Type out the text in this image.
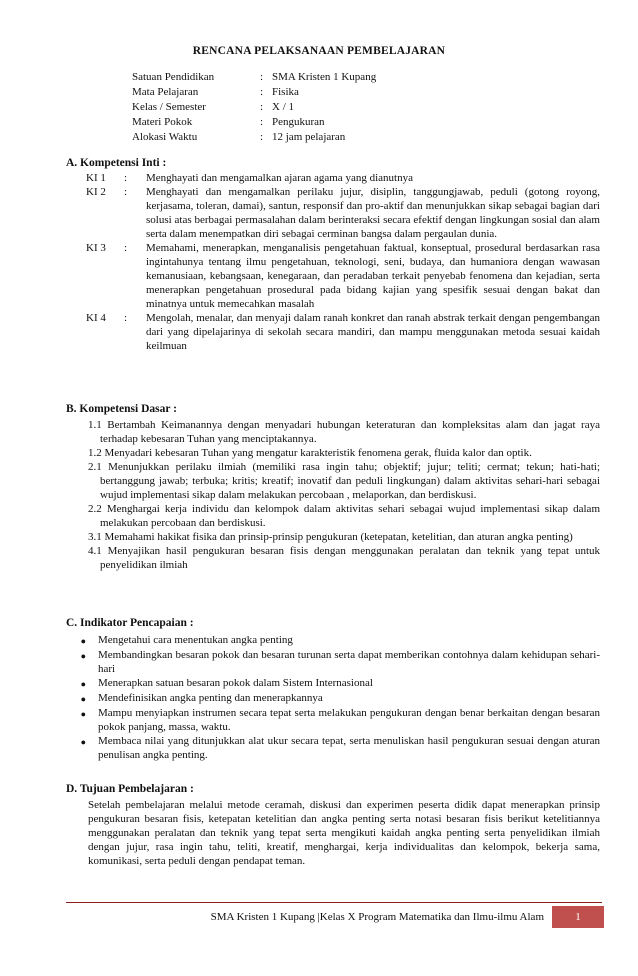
RENCANA PELAKSANAAN PEMBELAJARAN
Satuan Pendidikan	: SMA Kristen 1 Kupang
Mata Pelajaran	: Fisika
Kelas / Semester	: X / 1
Materi Pokok	: Pengukuran
Alokasi Waktu	: 12 jam pelajaran
A. Kompetensi Inti :
KI 1	:	Menghayati dan mengamalkan ajaran agama yang dianutnya
KI 2	:	Menghayati dan mengamalkan perilaku jujur, disiplin, tanggungjawab, peduli (gotong royong, kerjasama, toleran, damai), santun, responsif dan pro-aktif dan menunjukkan sikap sebagai bagian dari solusi atas berbagai permasalahan dalam berinteraksi secara efektif dengan lingkungan sosial dan alam serta dalam menempatkan diri sebagai cerminan bangsa dalam pergaulan dunia.
KI 3	:	Memahami, menerapkan, menganalisis pengetahuan faktual, konseptual, prosedural berdasarkan rasa ingintahunya tentang ilmu pengetahuan, teknologi, seni, budaya, dan humaniora dengan wawasan kemanusiaan, kebangsaan, kenegaraan, dan peradaban terkait penyebab fenomena dan kejadian, serta menerapkan pengetahuan prosedural pada bidang kajian yang spesifik sesuai dengan bakat dan minatnya untuk memecahkan masalah
KI 4	:	Mengolah, menalar, dan menyaji dalam ranah konkret dan ranah abstrak terkait dengan pengembangan dari yang dipelajarinya di sekolah secara mandiri, dan mampu menggunakan metoda sesuai kaidah keilmuan
B. Kompetensi Dasar :
1.1 Bertambah Keimanannya dengan menyadari hubungan keteraturan dan kompleksitas alam dan jagat raya terhadap kebesaran Tuhan yang menciptakannya.
1.2 Menyadari kebesaran Tuhan yang mengatur karakteristik fenomena gerak, fluida kalor dan optik.
2.1 Menunjukkan perilaku ilmiah (memiliki rasa ingin tahu; objektif; jujur; teliti; cermat; tekun; hati-hati; bertanggung jawab; terbuka; kritis; kreatif; inovatif dan peduli lingkungan) dalam aktivitas sehari-hari sebagai wujud implementasi sikap dalam melakukan percobaan , melaporkan, dan berdiskusi.
2.2 Menghargai kerja individu dan kelompok dalam aktivitas sehari sebagai wujud implementasi sikap dalam melakukan percobaan dan berdiskusi.
3.1 Memahami hakikat fisika dan prinsip-prinsip pengukuran (ketepatan, ketelitian, dan aturan angka penting)
4.1 Menyajikan hasil pengukuran besaran fisis dengan menggunakan peralatan dan teknik yang tepat untuk penyelidikan ilmiah
C. Indikator Pencapaian :
●	Mengetahui cara menentukan angka penting
●	Membandingkan besaran pokok dan besaran turunan serta dapat memberikan contohnya dalam kehidupan sehari-hari
●	Menerapkan satuan besaran pokok dalam Sistem Internasional
●	Mendefinisikan angka penting dan menerapkannya
●	Mampu menyiapkan instrumen secara tepat serta melakukan pengukuran dengan benar berkaitan dengan besaran pokok panjang, massa, waktu.
●	Membaca nilai yang ditunjukkan alat ukur secara tepat, serta menuliskan hasil pengukuran sesuai dengan aturan penulisan angka penting.
D. Tujuan Pembelajaran :
Setelah pembelajaran melalui metode ceramah, diskusi dan experimen peserta didik dapat menerapkan prinsip pengukuran besaran fisis, ketepatan ketelitian dan angka penting serta notasi besaran fisis berikut ketelitiannya menggunakan peralatan dan teknik yang tepat serta mengikuti kaidah angka penting serta penyelidikan ilmiah dengan jujur, rasa ingin tahu, teliti, kreatif, menghargai, kerja individualitas dan kelompok, bekerja sama, komunikasi, serta peduli dengan pendapat teman.
SMA Kristen 1 Kupang |Kelas X Program Matematika dan Ilmu-ilmu Alam	1
